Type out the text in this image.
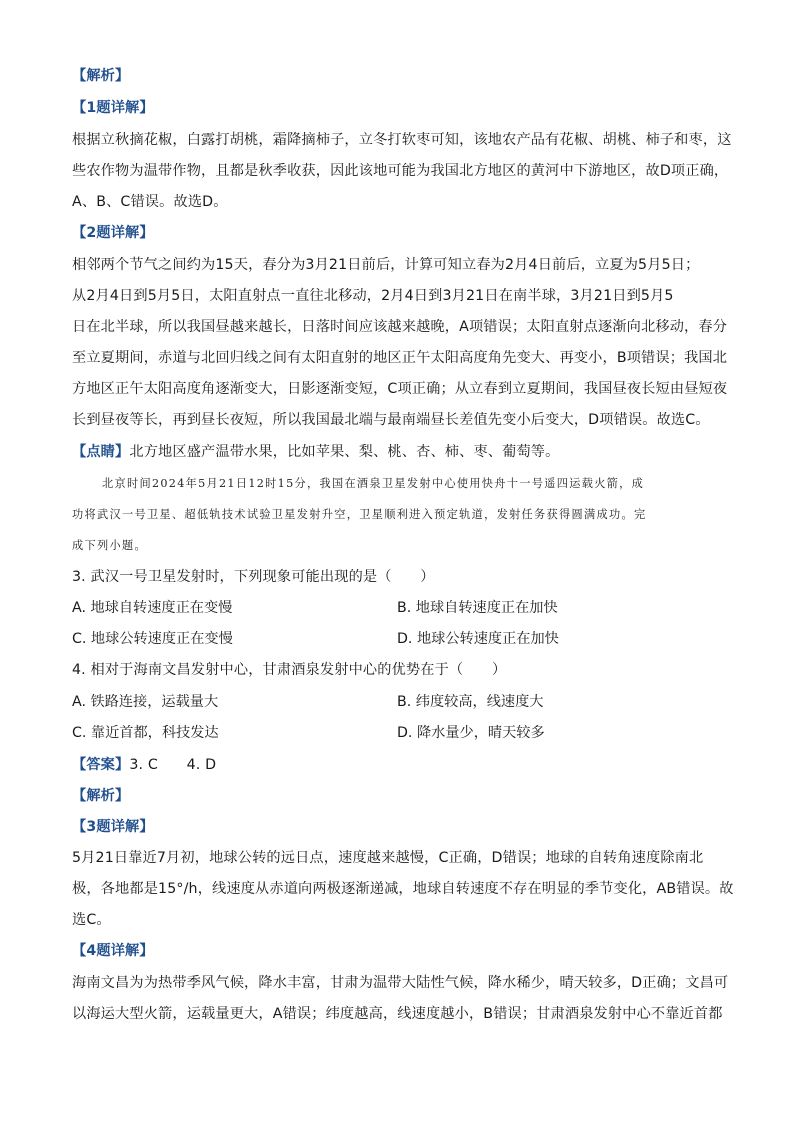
【解析】
【1题详解】
根据立秋摘花椒，白露打胡桃，霜降摘柿子，立冬打软枣可知，该地农产品有花椒、胡桃、柿子和枣，这
些农作物为温带作物，且都是秋季收获，因此该地可能为我国北方地区的黄河中下游地区，故D项正确，
A、B、C错误。故选D。
【2题详解】
相邻两个节气之间约为15天，春分为3月21日前后，计算可知立春为2月4日前后，立夏为5月5日；
从2月4日到5月5日，太阳直射点一直往北移动，2月4日到3月21日在南半球，3月21日到5月5
日在北半球，所以我国昼越来越长，日落时间应该越来越晚，A项错误；太阳直射点逐渐向北移动，春分
至立夏期间，赤道与北回归线之间有太阳直射的地区正午太阳高度角先变大、再变小，B项错误；我国北
方地区正午太阳高度角逐渐变大，日影逐渐变短，C项正确；从立春到立夏期间，我国昼夜长短由昼短夜
长到昼夜等长，再到昼长夜短，所以我国最北端与最南端昼长差值先变小后变大，D项错误。故选C。
【点睛】北方地区盛产温带水果，比如苹果、梨、桃、杏、柿、枣、葡萄等。
北京时间2024年5月21日12时15分，我国在酒泉卫星发射中心使用快舟十一号遥四运载火箭，成
功将武汉一号卫星、超低轨技术试验卫星发射升空，卫星顺利进入预定轨道，发射任务获得圆满成功。完
成下列小题。
3. 武汉一号卫星发射时，下列现象可能出现的是（　　）
A. 地球自转速度正在变慢	B. 地球自转速度正在加快
C. 地球公转速度正在变慢	D. 地球公转速度正在加快
4. 相对于海南文昌发射中心，甘肃酒泉发射中心的优势在于（　　）
A. 铁路连接，运载量大	B. 纬度较高，线速度大
C. 靠近首都，科技发达	D. 降水量少，晴天较多
【答案】3. C　　4. D
【解析】
【3题详解】
5月21日靠近7月初，地球公转的远日点，速度越来越慢，C正确，D错误；地球的自转角速度除南北
极，各地都是15°/h，线速度从赤道向两极逐渐递减，地球自转速度不存在明显的季节变化，AB错误。故
选C。
【4题详解】
海南文昌为为热带季风气候，降水丰富，甘肃为温带大陆性气候，降水稀少，晴天较多，D正确；文昌可
以海运大型火箭，运载量更大，A错误；纬度越高，线速度越小，B错误；甘肃酒泉发射中心不靠近首都
